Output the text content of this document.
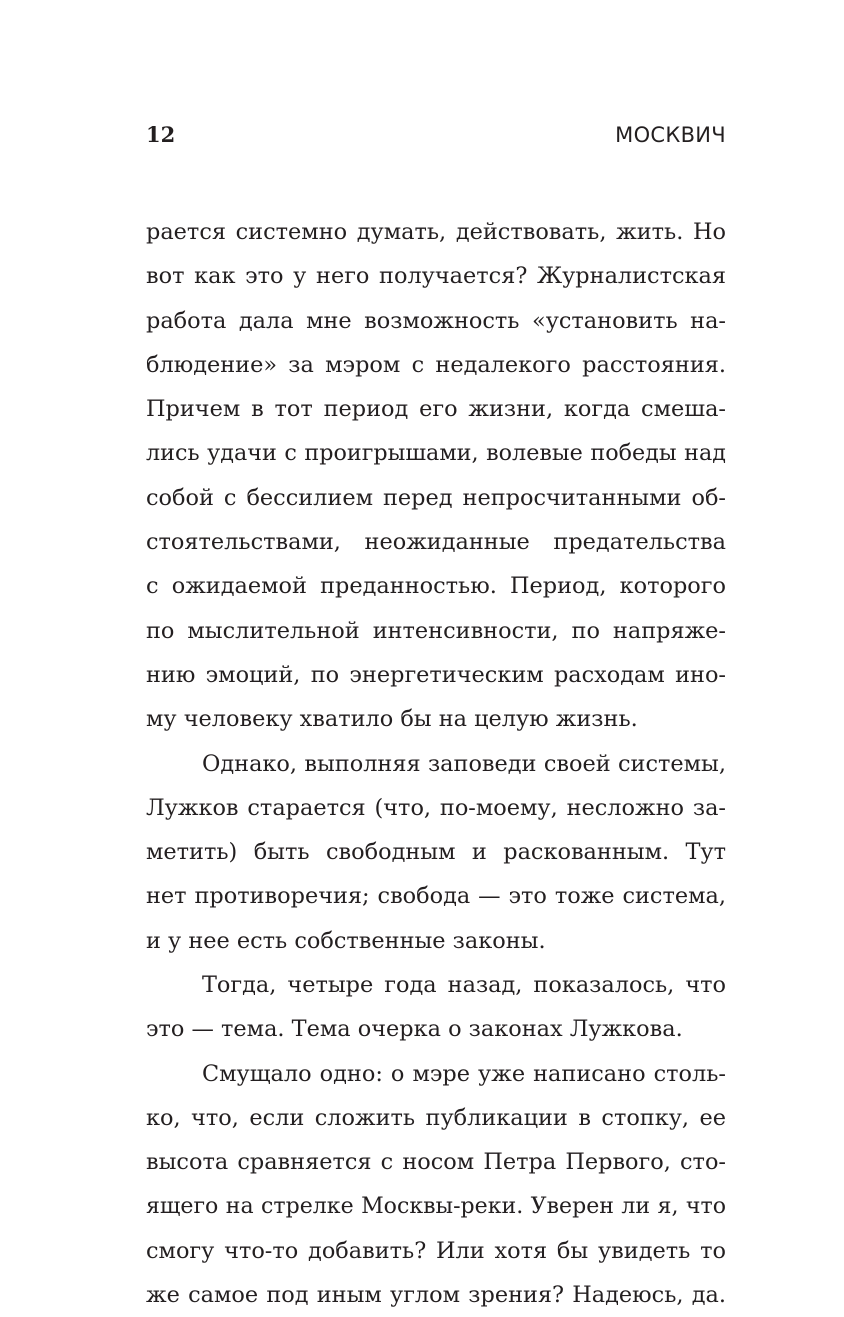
12	МОСКВИЧ
рается системно думать, действовать, жить. Но
вот как это у него получается? Журналистская
работа дала мне возможность «установить на-
блюдение» за мэром с недалекого расстояния.
Причем в тот период его жизни, когда смеша-
лись удачи с проигрышами, волевые победы над
собой с бессилием перед непросчитанными об-
стоятельствами, неожиданные предательства
с ожидаемой преданностью. Период, которого
по мыслительной интенсивности, по напряже-
нию эмоций, по энергетическим расходам ино-
му человеку хватило бы на целую жизнь.
Однако, выполняя заповеди своей системы,
Лужков старается (что, по-моему, несложно за-
метить) быть свободным и раскованным. Тут
нет противоречия; свобода — это тоже система,
и у нее есть собственные законы.
Тогда, четыре года назад, показалось, что
это — тема. Тема очерка о законах Лужкова.
Смущало одно: о мэре уже написано столь-
ко, что, если сложить публикации в стопку, ее
высота сравняется с носом Петра Первого, сто-
ящего на стрелке Москвы-реки. Уверен ли я, что
смогу что-то добавить? Или хотя бы увидеть то
же самое под иным углом зрения? Надеюсь, да.
